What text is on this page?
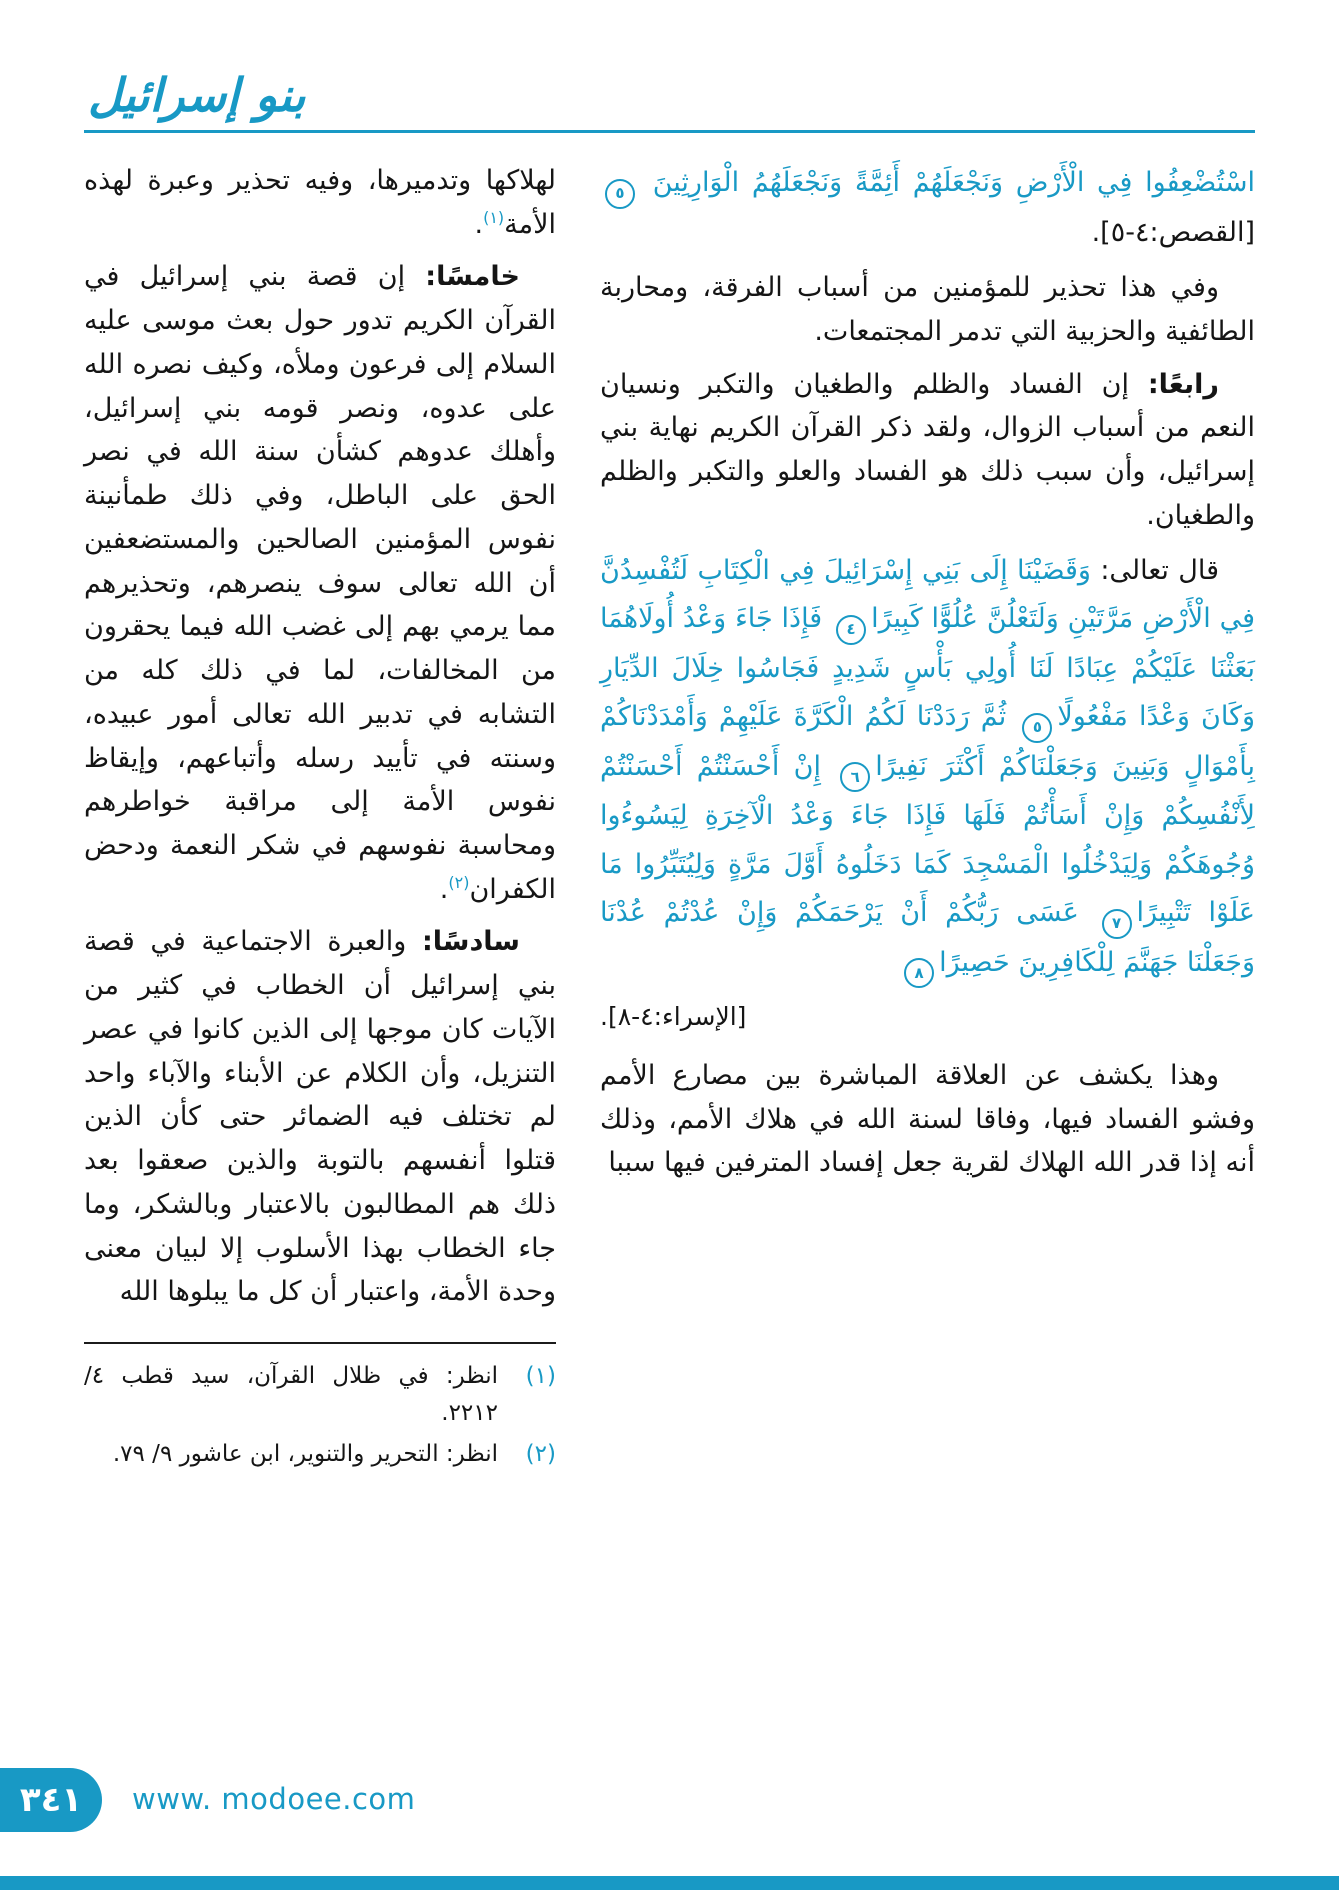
بنو إسرائيل

اسْتُضْعِفُوا فِي الْأَرْضِ وَنَجْعَلَهُمْ أَئِمَّةً وَنَجْعَلَهُمُ الْوَارِثِينَ ٥ [القصص:٤-٥].

وفي هذا تحذير للمؤمنين من أسباب الفرقة، ومحاربة الطائفية والحزبية التي تدمر المجتمعات.

رابعًا: إن الفساد والظلم والطغيان والتكبر ونسيان النعم من أسباب الزوال، ولقد ذكر القرآن الكريم نهاية بني إسرائيل، وأن سبب ذلك هو الفساد والعلو والتكبر والظلم والطغيان.

قال تعالى: وَقَضَيْنَا إِلَى بَنِي إِسْرَائِيلَ فِي الْكِتَابِ لَتُفْسِدُنَّ فِي الْأَرْضِ مَرَّتَيْنِ وَلَتَعْلُنَّ عُلُوًّا كَبِيرًا٤ فَإِذَا جَاءَ وَعْدُ أُولَاهُمَا بَعَثْنَا عَلَيْكُمْ عِبَادًا لَنَا أُولِي بَأْسٍ شَدِيدٍ فَجَاسُوا خِلَالَ الدِّيَارِ وَكَانَ وَعْدًا مَفْعُولًا٥ ثُمَّ رَدَدْنَا لَكُمُ الْكَرَّةَ عَلَيْهِمْ وَأَمْدَدْنَاكُمْ بِأَمْوَالٍ وَبَنِينَ وَجَعَلْنَاكُمْ أَكْثَرَ نَفِيرًا٦ إِنْ أَحْسَنْتُمْ أَحْسَنْتُمْ لِأَنْفُسِكُمْ وَإِنْ أَسَأْتُمْ فَلَهَا فَإِذَا جَاءَ وَعْدُ الْآخِرَةِ لِيَسُوءُوا وُجُوهَكُمْ وَلِيَدْخُلُوا الْمَسْجِدَ كَمَا دَخَلُوهُ أَوَّلَ مَرَّةٍ وَلِيُتَبِّرُوا مَا عَلَوْا تَتْبِيرًا٧ عَسَى رَبُّكُمْ أَنْ يَرْحَمَكُمْ وَإِنْ عُدْتُمْ عُدْنَا وَجَعَلْنَا جَهَنَّمَ لِلْكَافِرِينَ حَصِيرًا٨

[الإسراء:٤-٨].

وهذا يكشف عن العلاقة المباشرة بين مصارع الأمم وفشو الفساد فيها، وفاقا لسنة الله في هلاك الأمم، وذلك أنه إذا قدر الله الهلاك لقرية جعل إفساد المترفين فيها سببا

لهلاكها وتدميرها، وفيه تحذير وعبرة لهذه الأمة$^{(١)}$.

خامسًا: إن قصة بني إسرائيل في القرآن الكريم تدور حول بعث موسى عليه السلام إلى فرعون وملأه، وكيف نصره الله على عدوه، ونصر قومه بني إسرائيل، وأهلك عدوهم كشأن سنة الله في نصر الحق على الباطل، وفي ذلك طمأنينة نفوس المؤمنين الصالحين والمستضعفين أن الله تعالى سوف ينصرهم، وتحذيرهم مما يرمي بهم إلى غضب الله فيما يحقرون من المخالفات، لما في ذلك كله من التشابه في تدبير الله تعالى أمور عبيده، وسنته في تأييد رسله وأتباعهم، وإيقاظ نفوس الأمة إلى مراقبة خواطرهم ومحاسبة نفوسهم في شكر النعمة ودحض الكفران$^{(٢)}$.

سادسًا: والعبرة الاجتماعية في قصة بني إسرائيل أن الخطاب في كثير من الآيات كان موجها إلى الذين كانوا في عصر التنزيل، وأن الكلام عن الأبناء والآباء واحد لم تختلف فيه الضمائر حتى كأن الذين قتلوا أنفسهم بالتوبة والذين صعقوا بعد ذلك هم المطالبون بالاعتبار وبالشكر، وما جاء الخطاب بهذا الأسلوب إلا لبيان معنى وحدة الأمة، واعتبار أن كل ما يبلوها الله

(١)
انظر: في ظلال القرآن، سيد قطب ٤/ ٢٢١٢.
(٢)
انظر: التحرير والتنوير، ابن عاشور ٩/ ٧٩.
٣٤١	www. modoee.com
